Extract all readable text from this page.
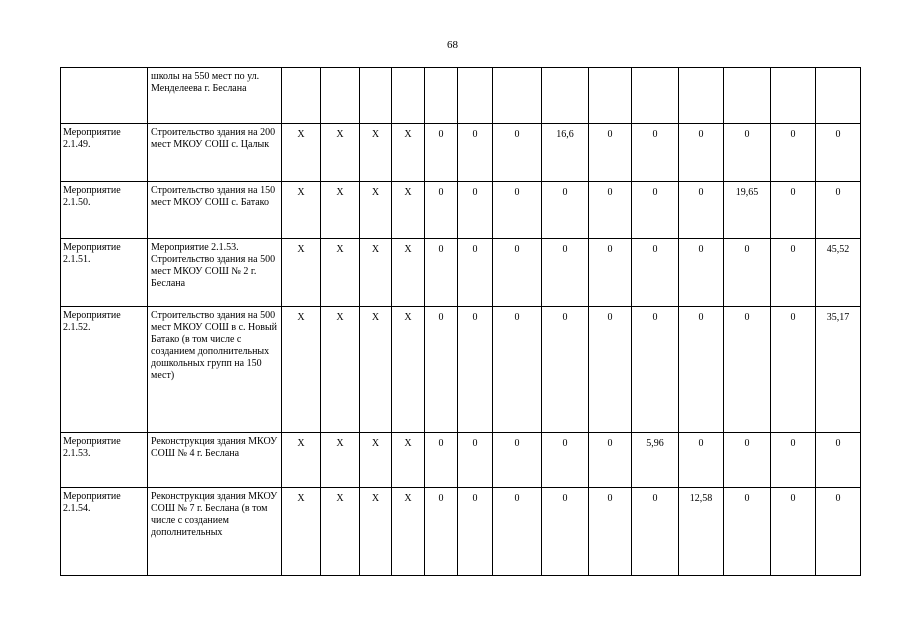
68
	школы на 550 мест по ул. Менделеева г. Беслана														
Мероприятие 2.1.49.	Строительство здания на 200 мест МКОУ СОШ с. Цалык	X	X	X	X	0	0	0	16,6	0	0	0	0	0	0
Мероприятие 2.1.50.	Строительство здания на 150 мест МКОУ СОШ с. Батако	X	X	X	X	0	0	0	0	0	0	0	19,65	0	0
Мероприятие 2.1.51.	Мероприятие 2.1.53. Строительство здания на 500 мест МКОУ СОШ № 2 г. Беслана	X	X	X	X	0	0	0	0	0	0	0	0	0	45,52
Мероприятие 2.1.52.	Строительство здания на 500 мест МКОУ СОШ в с. Новый Батако (в том числе с созданием дополнительных дошкольных групп на 150 мест)	X	X	X	X	0	0	0	0	0	0	0	0	0	35,17
Мероприятие 2.1.53.	Реконструкция здания МКОУ СОШ № 4 г. Беслана	X	X	X	X	0	0	0	0	0	5,96	0	0	0	0
Мероприятие 2.1.54.	Реконструкция здания МКОУ СОШ № 7 г. Беслана (в том числе с созданием дополнительных	X	X	X	X	0	0	0	0	0	0	12,58	0	0	0
